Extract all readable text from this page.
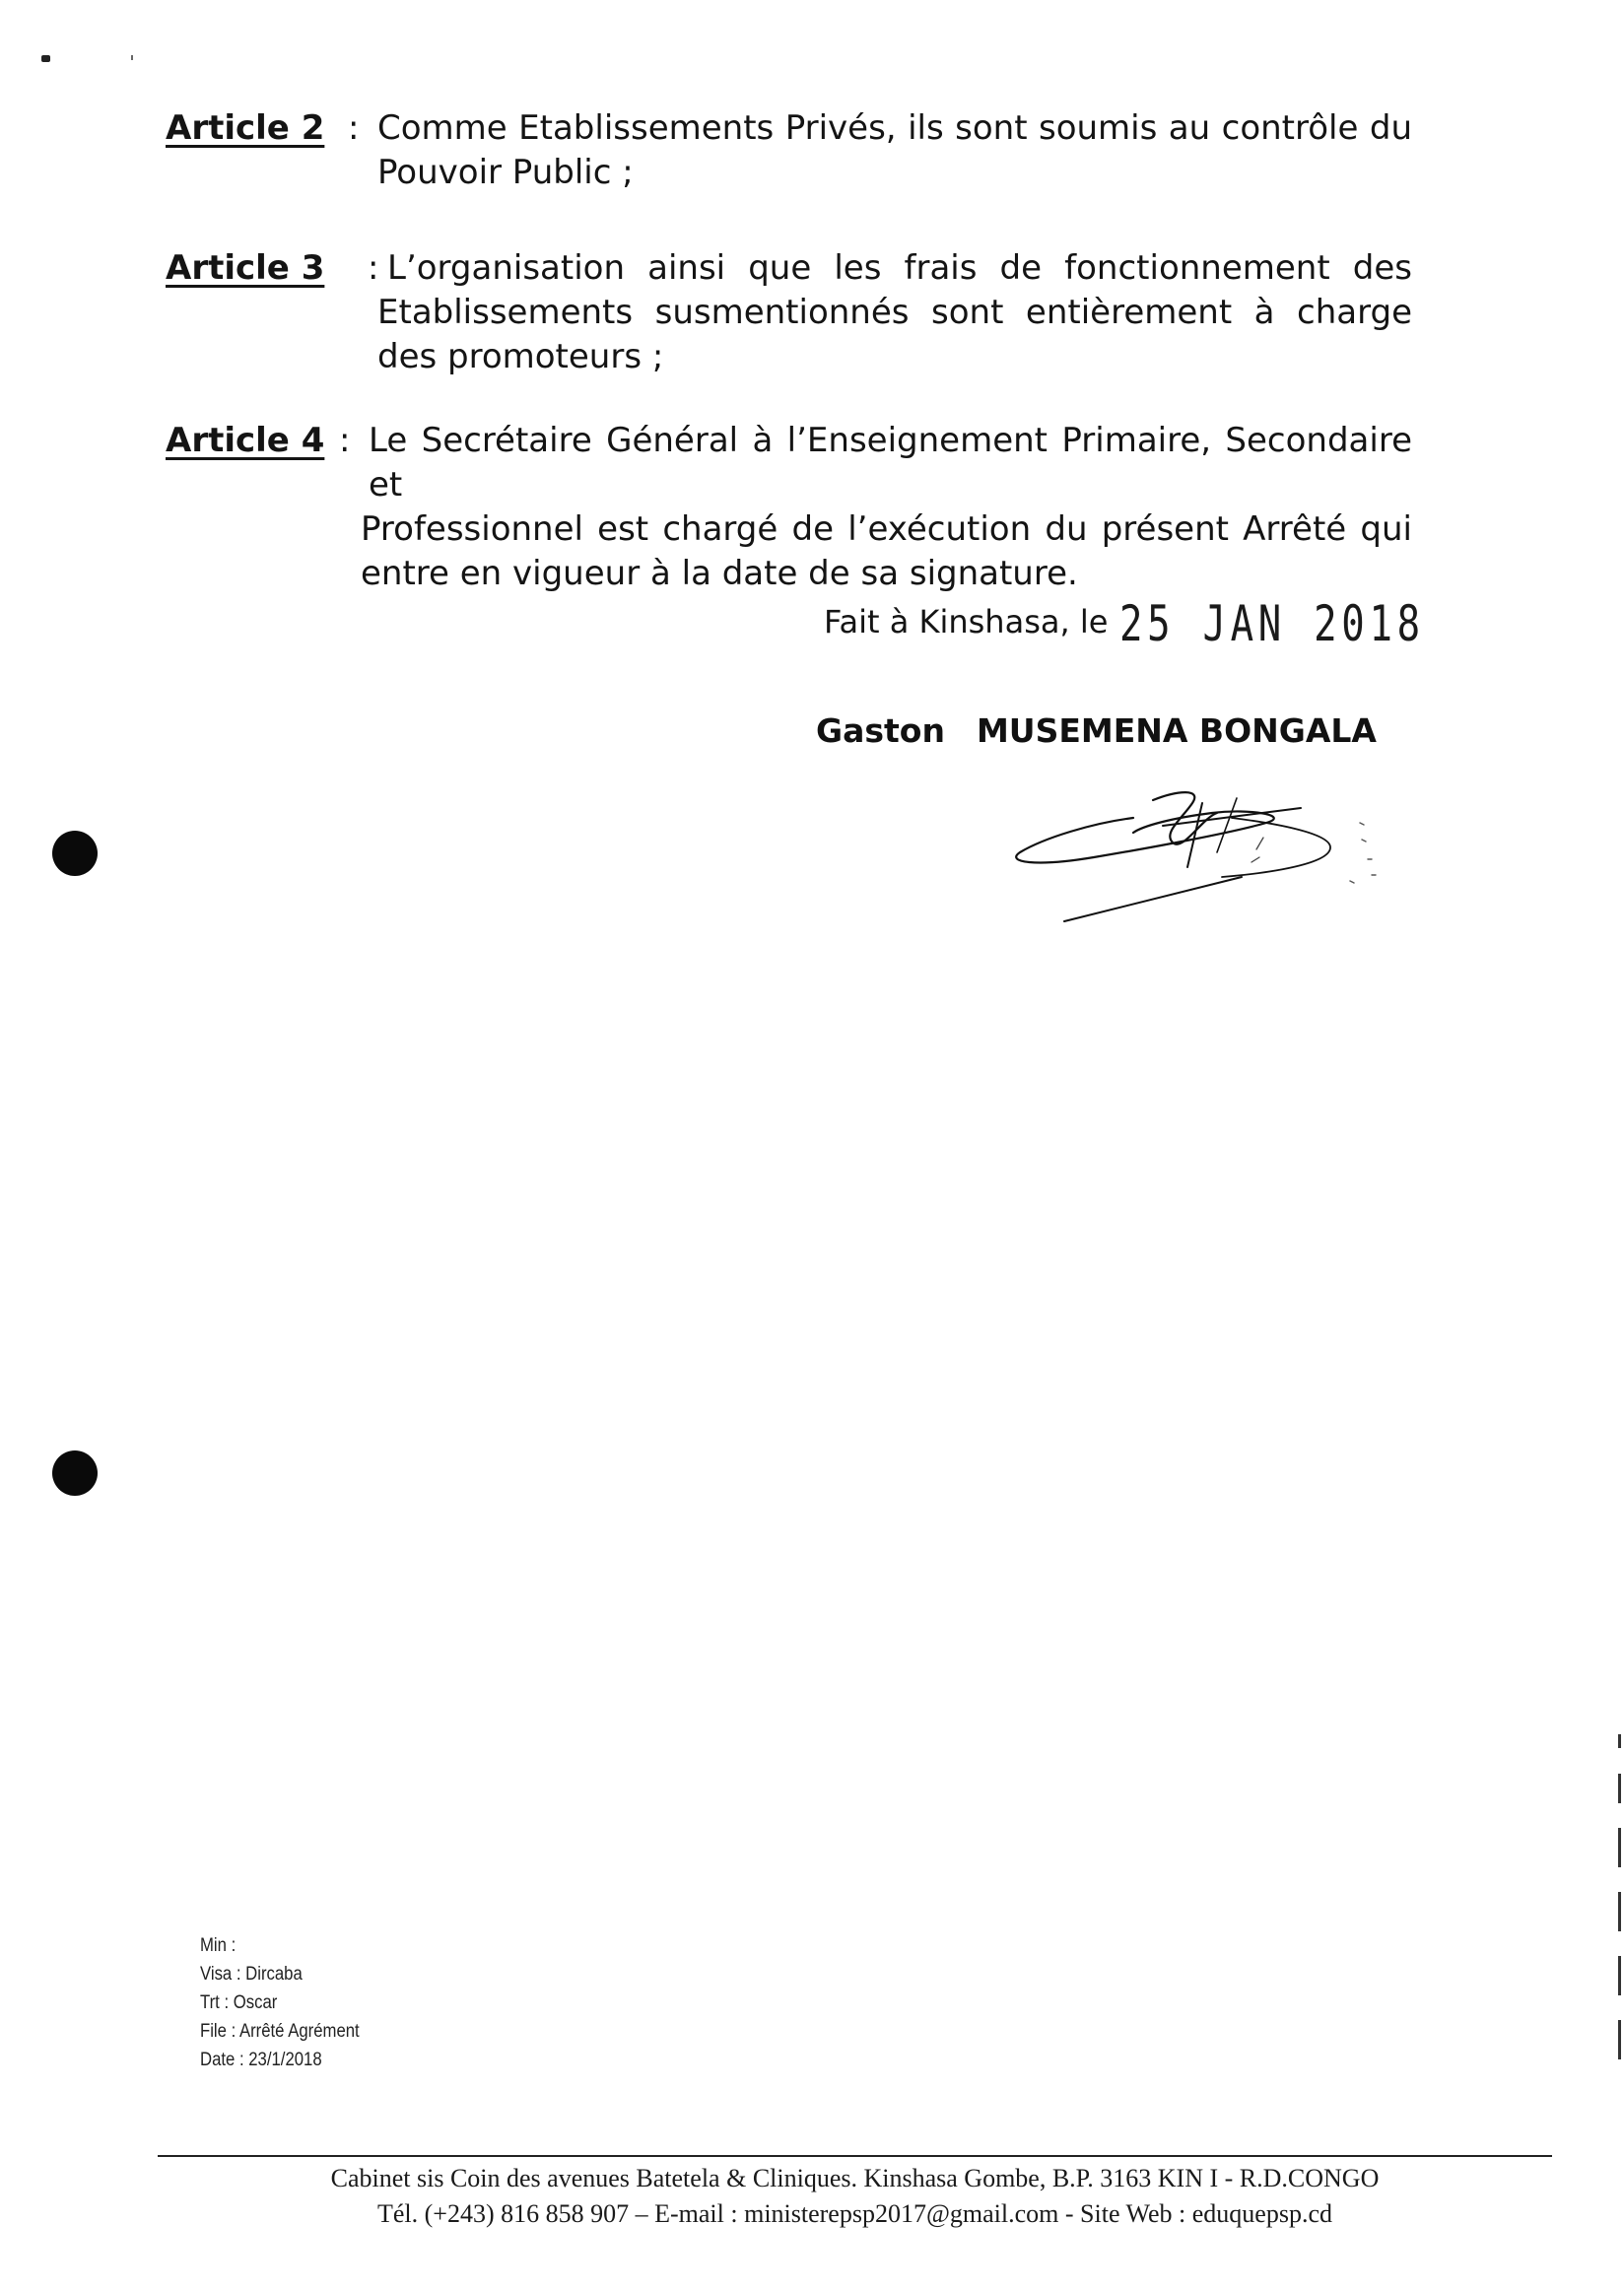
Article 2 : Comme Etablissements Privés, ils sont soumis au contrôle du Pouvoir Public ;
Article 3 : L’organisation ainsi que les frais de fonctionnement des Etablissements susmentionnés sont entièrement à charge des promoteurs ;
Article 4 : Le Secrétaire Général à l’Enseignement Primaire, Secondaire et
Professionnel est chargé de l’exécution du présent Arrêté qui entre en vigueur à la date de sa signature.
Fait à Kinshasa, le 25 JAN 2018
Gaston MUSEMENA BONGALA
Min :
Visa : Dircaba
Trt : Oscar
File : Arrêté Agrément
Date : 23/1/2018
Cabinet sis Coin des avenues Batetela & Cliniques. Kinshasa Gombe, B.P. 3163 KIN I - R.D.CONGO
Tél. (+243) 816 858 907 – E-mail : ministerepsp2017@gmail.com - Site Web : eduquepsp.cd
